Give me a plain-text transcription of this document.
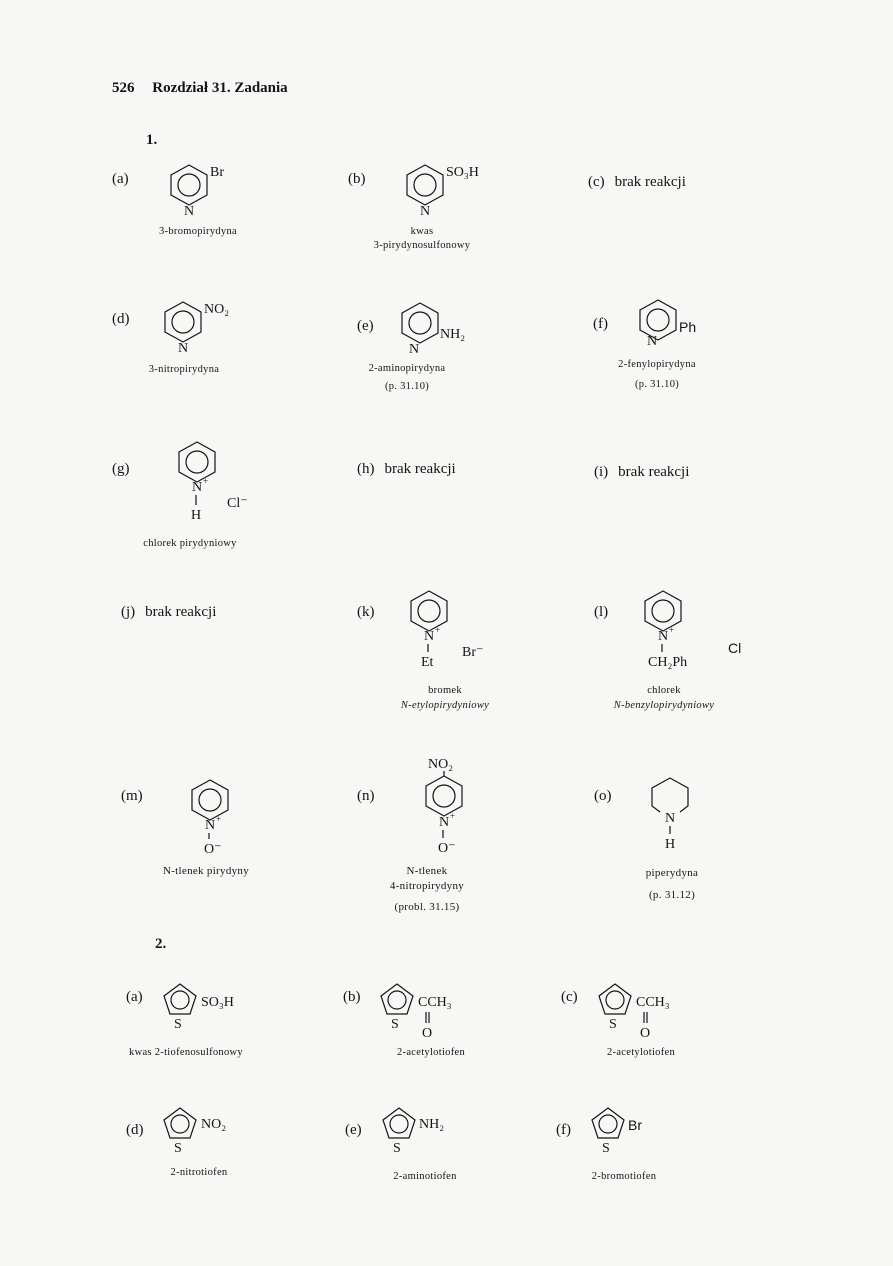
526 Rozdział 31. Zadania
1.
(a)
N
Br
3-bromopirydyna
(b)
N
SO₃H
kwas
3-pirydynosulfonowy
(c) brak reakcji
(d)
N
NO₂
3-nitropirydyna
(e)
N
NH₂
2-aminopirydyna
(p. 31.10)
(f)
N
Ph
2-fenylopirydyna
(p. 31.10)
(g)
N +
H
Cl⁻
chlorek pirydyniowy
(h) brak reakcji	(i) brak reakcji
(j) brak reakcji	(k)
N +
Et
Br⁻
bromek
N-etylopirydyniowy
(l)
N +
CH₂Ph
Cl
chlorek
N-benzylopirydyniowy
(m)
N +
O⁻
N-tlenek pirydyny
NO₂
N +
O⁻
(n)
N-tlenek
4-nitropirydyny
(probl. 31.15)
(o)
N
H
piperydyna
(p. 31.12)
2.
(a)
S
SO₃H
kwas 2-tiofenosulfonowy
(b)
S
CCH₃
O
2-acetylotiofen
(c)
S
CCH₃
O
2-acetylotiofen
(d)
S
NO₂
2-nitrotiofen
(e)
S
NH₂
2-aminotiofen
(f)
S
Br
2-bromotiofen
